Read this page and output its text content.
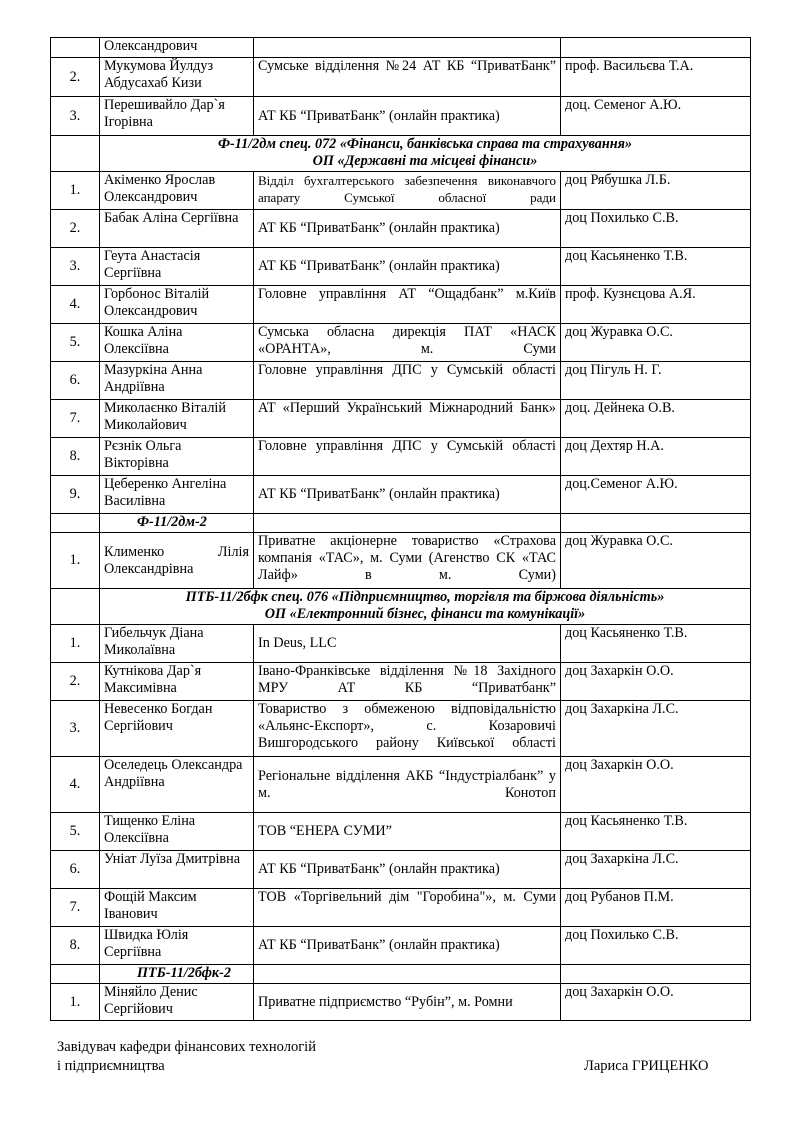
	Олександрович		
2.	Мукумова Йулдуз Абдусахаб Кизи	Сумське відділення №24 АТ КБ “ПриватБанк”	проф. Васильєва Т.А.
3.	Перешивайло Дар`я Ігорівна	АТ КБ “ПриватБанк” (онлайн практика)	доц. Семеног А.Ю.

	Ф-11/2дм спец. 072 «Фінанси, банківська справа та страхування»
ОП «Державні та місцеві фінанси»		

1.	Акіменко Ярослав Олександрович	Відділ бухгалтерського забезпечення виконавчого апарату Сумської обласної ради	доц Рябушка Л.Б.
2.	Бабак Аліна Сергіївна	АТ КБ “ПриватБанк” (онлайн практика)	доц Похилько С.В.
3.	Геута Анастасія Сергіївна	АТ КБ “ПриватБанк” (онлайн практика)	доц Касьяненко Т.В.
4.	Горбонос Віталій Олександрович	Головне управління АТ “Ощадбанк” м.Київ	проф. Кузнєцова А.Я.
5.	Кошка Аліна Олексіївна	Сумська обласна дирекція ПАТ «НАСК «ОРАНТА», м. Суми	доц Журавка О.С.
6.	Мазуркіна Анна Андріївна	Головне управління ДПС у Сумській області	доц Пігуль Н. Г.
7.	Миколаєнко Віталій Миколайович	АТ «Перший Український Міжнародний Банк»	доц. Дейнека О.В.
8.	Рєзнік Ольга Вікторівна	Головне управління ДПС у Сумській області	доц Дехтяр Н.А.
9.	Цеберенко Ангеліна Василівна	АТ КБ “ПриватБанк” (онлайн практика)	доц.Семеног А.Ю.
	Ф-11/2дм-2		
1.	Клименко Лілія Олександрівна	Приватне акціонерне товариство «Страхова компанія «ТАС», м. Суми (Агенство СК «ТАС Лайф» в м. Суми)	доц Журавка О.С.

	ПТБ-11/2бфк спец. 076 «Підприємництво, торгівля та біржова діяльність»
ОП «Електронний бізнес, фінанси та комунікації»		

1.	Гибельчук Діана Миколаївна	In Deus, LLC	доц Касьяненко Т.В.
2.	Кутнікова Дар`я Максимівна	Івано-Франківське відділення №18 Західного МРУ АТ КБ “Приватбанк”	доц Захаркін О.О.
3.	Невесенко Богдан Сергійович	Товариство з обмеженою відповідальністю «Альянс-Експорт», с. Козаровичі Вишгородського району Київської області	доц Захаркіна Л.С.
4.	Оселедець Олександра Андріївна	Регіональне відділення АКБ “Індустріалбанк” у м. Конотоп	доц Захаркін О.О.
5.	Тищенко Еліна Олексіївна	ТОВ “ЕНЕРА СУМИ”	доц Касьяненко Т.В.
6.	Уніат Луїза Дмитрівна	АТ КБ “ПриватБанк” (онлайн практика)	доц Захаркіна Л.С.
7.	Фощій Максим Іванович	ТОВ «Торгівельний дім "Горобина"», м. Суми	доц Рубанов П.М.
8.	Швидка Юлія Сергіївна	АТ КБ “ПриватБанк” (онлайн практика)	доц Похилько С.В.
	ПТБ-11/2бфк-2		
1.	Міняйло Денис Сергійович	Приватне підприємство “Рубін”, м. Ромни	доц Захаркін О.О.
Завідувач кафедри фінансових технологій
і підприємництва	Лариса ГРИЦЕНКО
